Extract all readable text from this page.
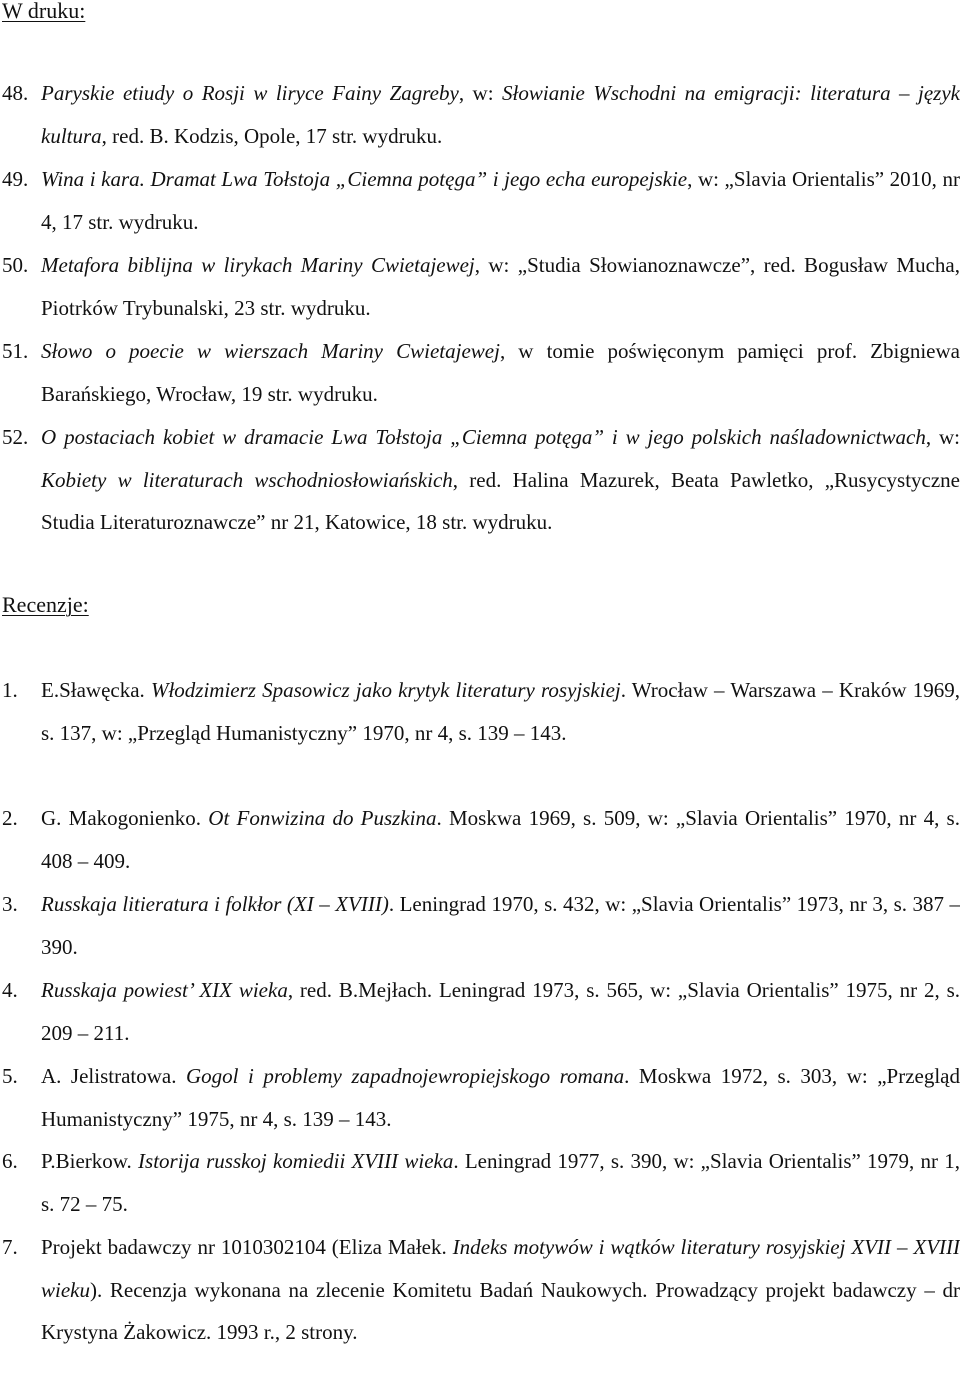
W druku:
48. Paryskie etiudy o Rosji w liryce Fainy Zagreby, w: Słowianie Wschodni na emigracji: literatura – język kultura, red. B. Kodzis, Opole, 17 str. wydruku.
49. Wina i kara. Dramat Lwa Tołstoja „Ciemna potęga” i jego echa europejskie, w: „Slavia Orientalis” 2010, nr 4, 17 str. wydruku.
50. Metafora biblijna w lirykach Mariny Cwietajewej, w: „Studia Słowianoznawcze”, red. Bogusław Mucha, Piotrków Trybunalski, 23 str. wydruku.
51. Słowo o poecie w wierszach Mariny Cwietajewej, w tomie poświęconym pamięci prof. Zbigniewa Barańskiego, Wrocław, 19 str. wydruku.
52. O postaciach kobiet w dramacie Lwa Tołstoja „Ciemna potęga” i w jego polskich naśladownictwach, w: Kobiety w literaturach wschodniosłowiańskich, red. Halina Mazurek, Beata Pawletko, „Rusycystyczne Studia Literaturoznawcze” nr 21, Katowice, 18 str. wydruku.
Recenzje:
1. E.Sławęcka. Włodzimierz Spasowicz jako krytyk literatury rosyjskiej. Wrocław – Warszawa – Kraków 1969, s. 137, w: „Przegląd Humanistyczny” 1970, nr 4, s. 139 – 143.
2. G. Makogonienko. Ot Fonwizina do Puszkina. Moskwa 1969, s. 509, w: „Slavia Orientalis” 1970, nr 4, s. 408 – 409.
3. Russkaja litieratura i folkłor (XI – XVIII). Leningrad 1970, s. 432, w: „Slavia Orientalis” 1973, nr 3, s. 387 – 390.
4. Russkaja powiest’ XIX wieka, red. B.Mejłach. Leningrad 1973, s. 565, w: „Slavia Orientalis” 1975, nr 2, s. 209 – 211.
5. A. Jelistratowa. Gogol i problemy zapadnojewropiejskogo romana. Moskwa 1972, s. 303, w: „Przegląd Humanistyczny” 1975, nr 4, s. 139 – 143.
6. P.Bierkow. Istorija russkoj komiedii XVIII wieka. Leningrad 1977, s. 390, w: „Slavia Orientalis” 1979, nr 1, s. 72 – 75.
7. Projekt badawczy nr 1010302104 (Eliza Małek. Indeks motywów i wątków literatury rosyjskiej XVII – XVIII wieku). Recenzja wykonana na zlecenie Komitetu Badań Naukowych. Prowadzący projekt badawczy – dr Krystyna Żakowicz. 1993 r., 2 strony.
